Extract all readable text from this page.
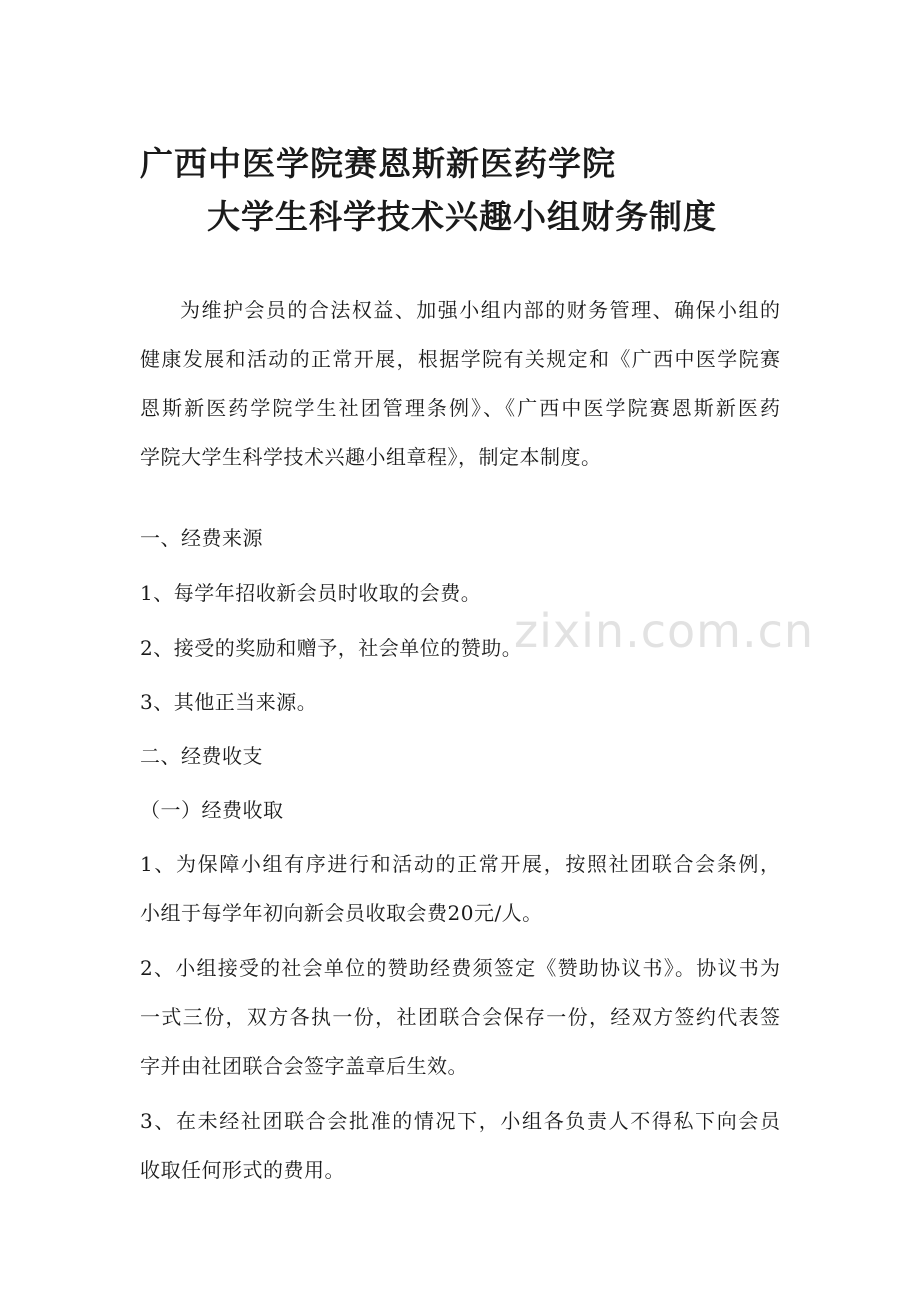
广西中医学院赛恩斯新医药学院
大学生科学技术兴趣小组财务制度
为维护会员的合法权益、加强小组内部的财务管理、确保小组的
健康发展和活动的正常开展，根据学院有关规定和《广西中医学院赛
恩斯新医药学院学生社团管理条例》、《广西中医学院赛恩斯新医药
学院大学生科学技术兴趣小组章程》，制定本制度。
一、经费来源
1、每学年招收新会员时收取的会费。
2、接受的奖励和赠予，社会单位的赞助。
3、其他正当来源。
二、经费收支
（一）经费收取
1、为保障小组有序进行和活动的正常开展，按照社团联合会条例，
小组于每学年初向新会员收取会费20元/人。
2、小组接受的社会单位的赞助经费须签定《赞助协议书》。协议书为
一式三份，双方各执一份，社团联合会保存一份，经双方签约代表签
字并由社团联合会签字盖章后生效。
3、在未经社团联合会批准的情况下，小组各负责人不得私下向会员
收取任何形式的费用。
zixin.com.cn
